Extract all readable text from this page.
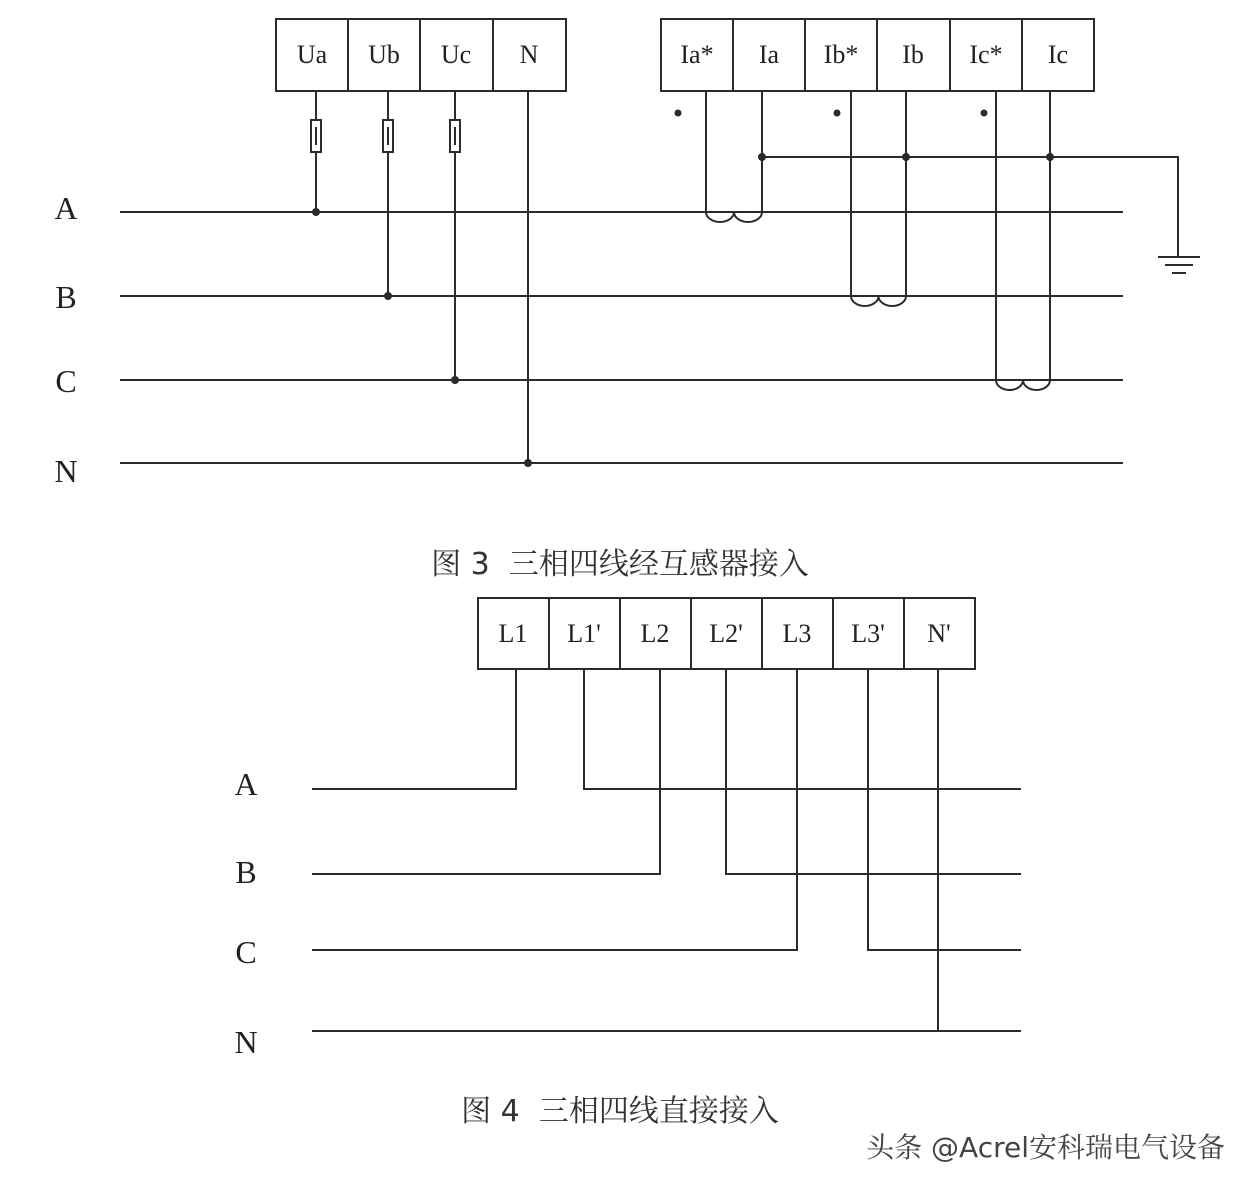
Ua Ub Uc N	Ia* Ia Ib* Ib Ic* Ic
A
B
C
N
图 3  三相四线经互感器接入
L1 L1' L2 L2' L3 L3' N'
A
B
C
N
图 4  三相四线直接接入
头条 @Acrel安科瑞电气设备
